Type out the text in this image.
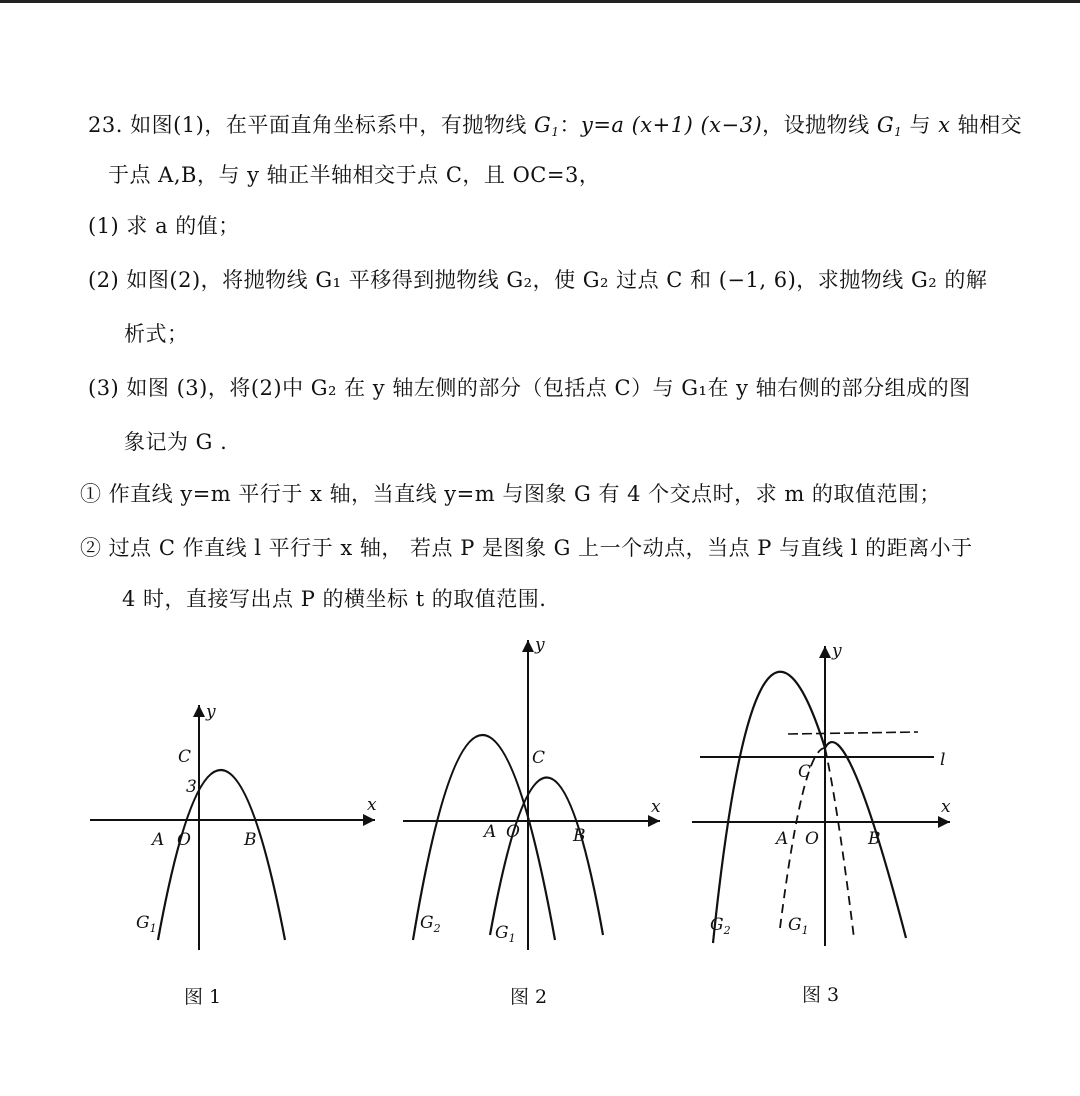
23. 如图(1)，在平面直角坐标系中，有抛物线 $G_1$：y=a (x+1) (x−3)，设抛物线 $G_1$ 与 x 轴相交
于点 A,B，与 y 轴正半轴相交于点 C，且 OC=3，
(1) 求 a 的值；
(2) 如图(2)，将抛物线 G₁ 平移得到抛物线 G₂，使 G₂ 过点 C 和 (−1, 6)，求抛物线 G₂ 的解
析式；
(3) 如图 (3)，将(2)中 G₂ 在 y 轴左侧的部分（包括点 C）与 G₁在 y 轴右侧的部分组成的图
象记为 G .
① 作直线 y=m 平行于 x 轴，当直线 y=m 与图象 G 有 4 个交点时，求 m 的取值范围；
② 过点 C 作直线 l 平行于 x 轴， 若点 P 是图象 G 上一个动点，当点 P 与直线 l 的距离小于
4 时，直接写出点 P 的横坐标 t 的取值范围.
y
x
C
3
A O	B
$G_1$
图 1
y
x
C
A O	B
$G_2$	$G_1$
图 2
y
x
C
A O	B
l
$G_2$	$G_1$
图 3
